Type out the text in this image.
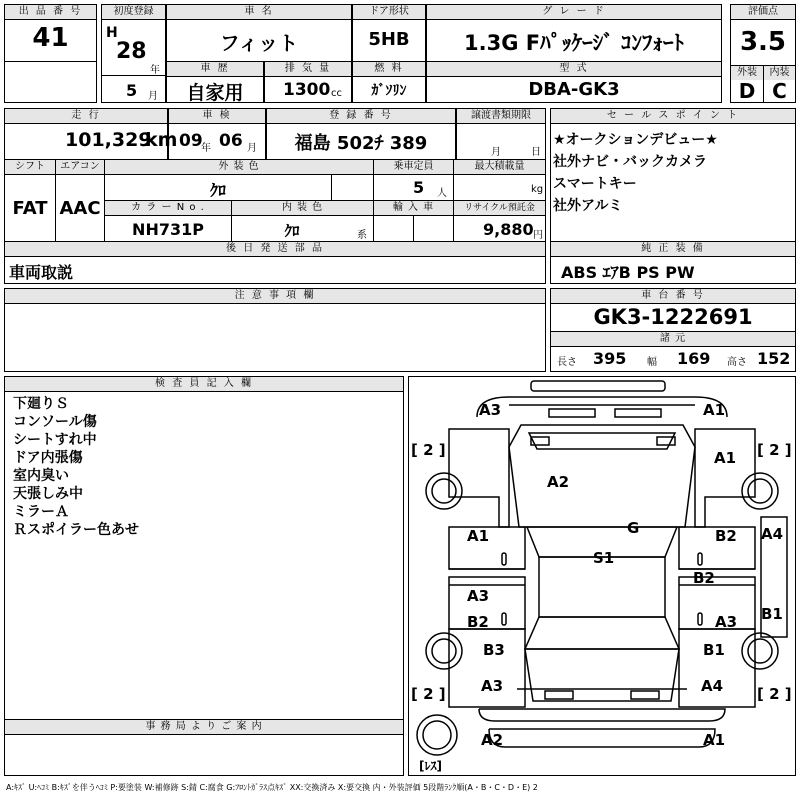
出 品 番 号
41
初度登録
H
28
年
5 月
車 名
フィット
ドア形状
5HB
グ レ ー ド
1.3G Fﾊﾟｯｹｰｼﾞ ｺﾝﾌｫｰﾄ
評価点
3.5
外装	内装
D C
車 歴
自家用
排 気 量
1300 cc
燃 料
ｶﾞｿﾘﾝ
型 式
DBA-GK3
走 行
101,329
km
車 検
09
年 06 月
登 録 番 号
福島 502ﾁ 389
譲渡書類期限
月	日
セ ー ル ス ポ イ ン ト
★オークションデビュー★
社外ナビ・バックカメラ
スマートキー
社外アルミ
シフト	エアコン	外 装 色	乗車定員	最大積載量
FAT AAC
ｸﾛ	5 人	kg
カ ラ ー N o .	内 装 色	輸 入 車	リサイクル預託金
NH731P	ｸﾛ	系	9,880 円
後 日 発 送 部 品
車両取説
純 正 装 備
ABS ｴｱB PS PW
注 意 事 項 欄	車 台 番 号
GK3-1222691
諸 元
長さ 395 幅 169 高さ 152
検 査 員 記 入 欄
下廻りＳ
コンソール傷
シートすれ中
ドア内張傷
室内臭い
天張しみ中
ミラーＡ
Ｒスポイラー色あせ
事 務 局 よ り ご 案 内
A3	A1
A1
A2
G
S1
A1
A3
B2
B2
B2
A3
A4
B1
B3	B1
A3	A4
A2	A1
[ 2 ]	[ 2 ]
[ 2 ]	[ 2 ]
[ﾚｽ]
A:ｷｽﾞ U:ﾍｺﾐ B:ｷｽﾞを伴うﾍｺﾐ P:要塗装 W:補修跡 S:錆 C:腐食 G:ﾌﾛﾝﾄｶﾞﾗｽ点ｷｽﾞ XX:交換済み X:要交換 内・外装評価 5段階ﾗﾝｸ順(A・B・C・D・E) 2
